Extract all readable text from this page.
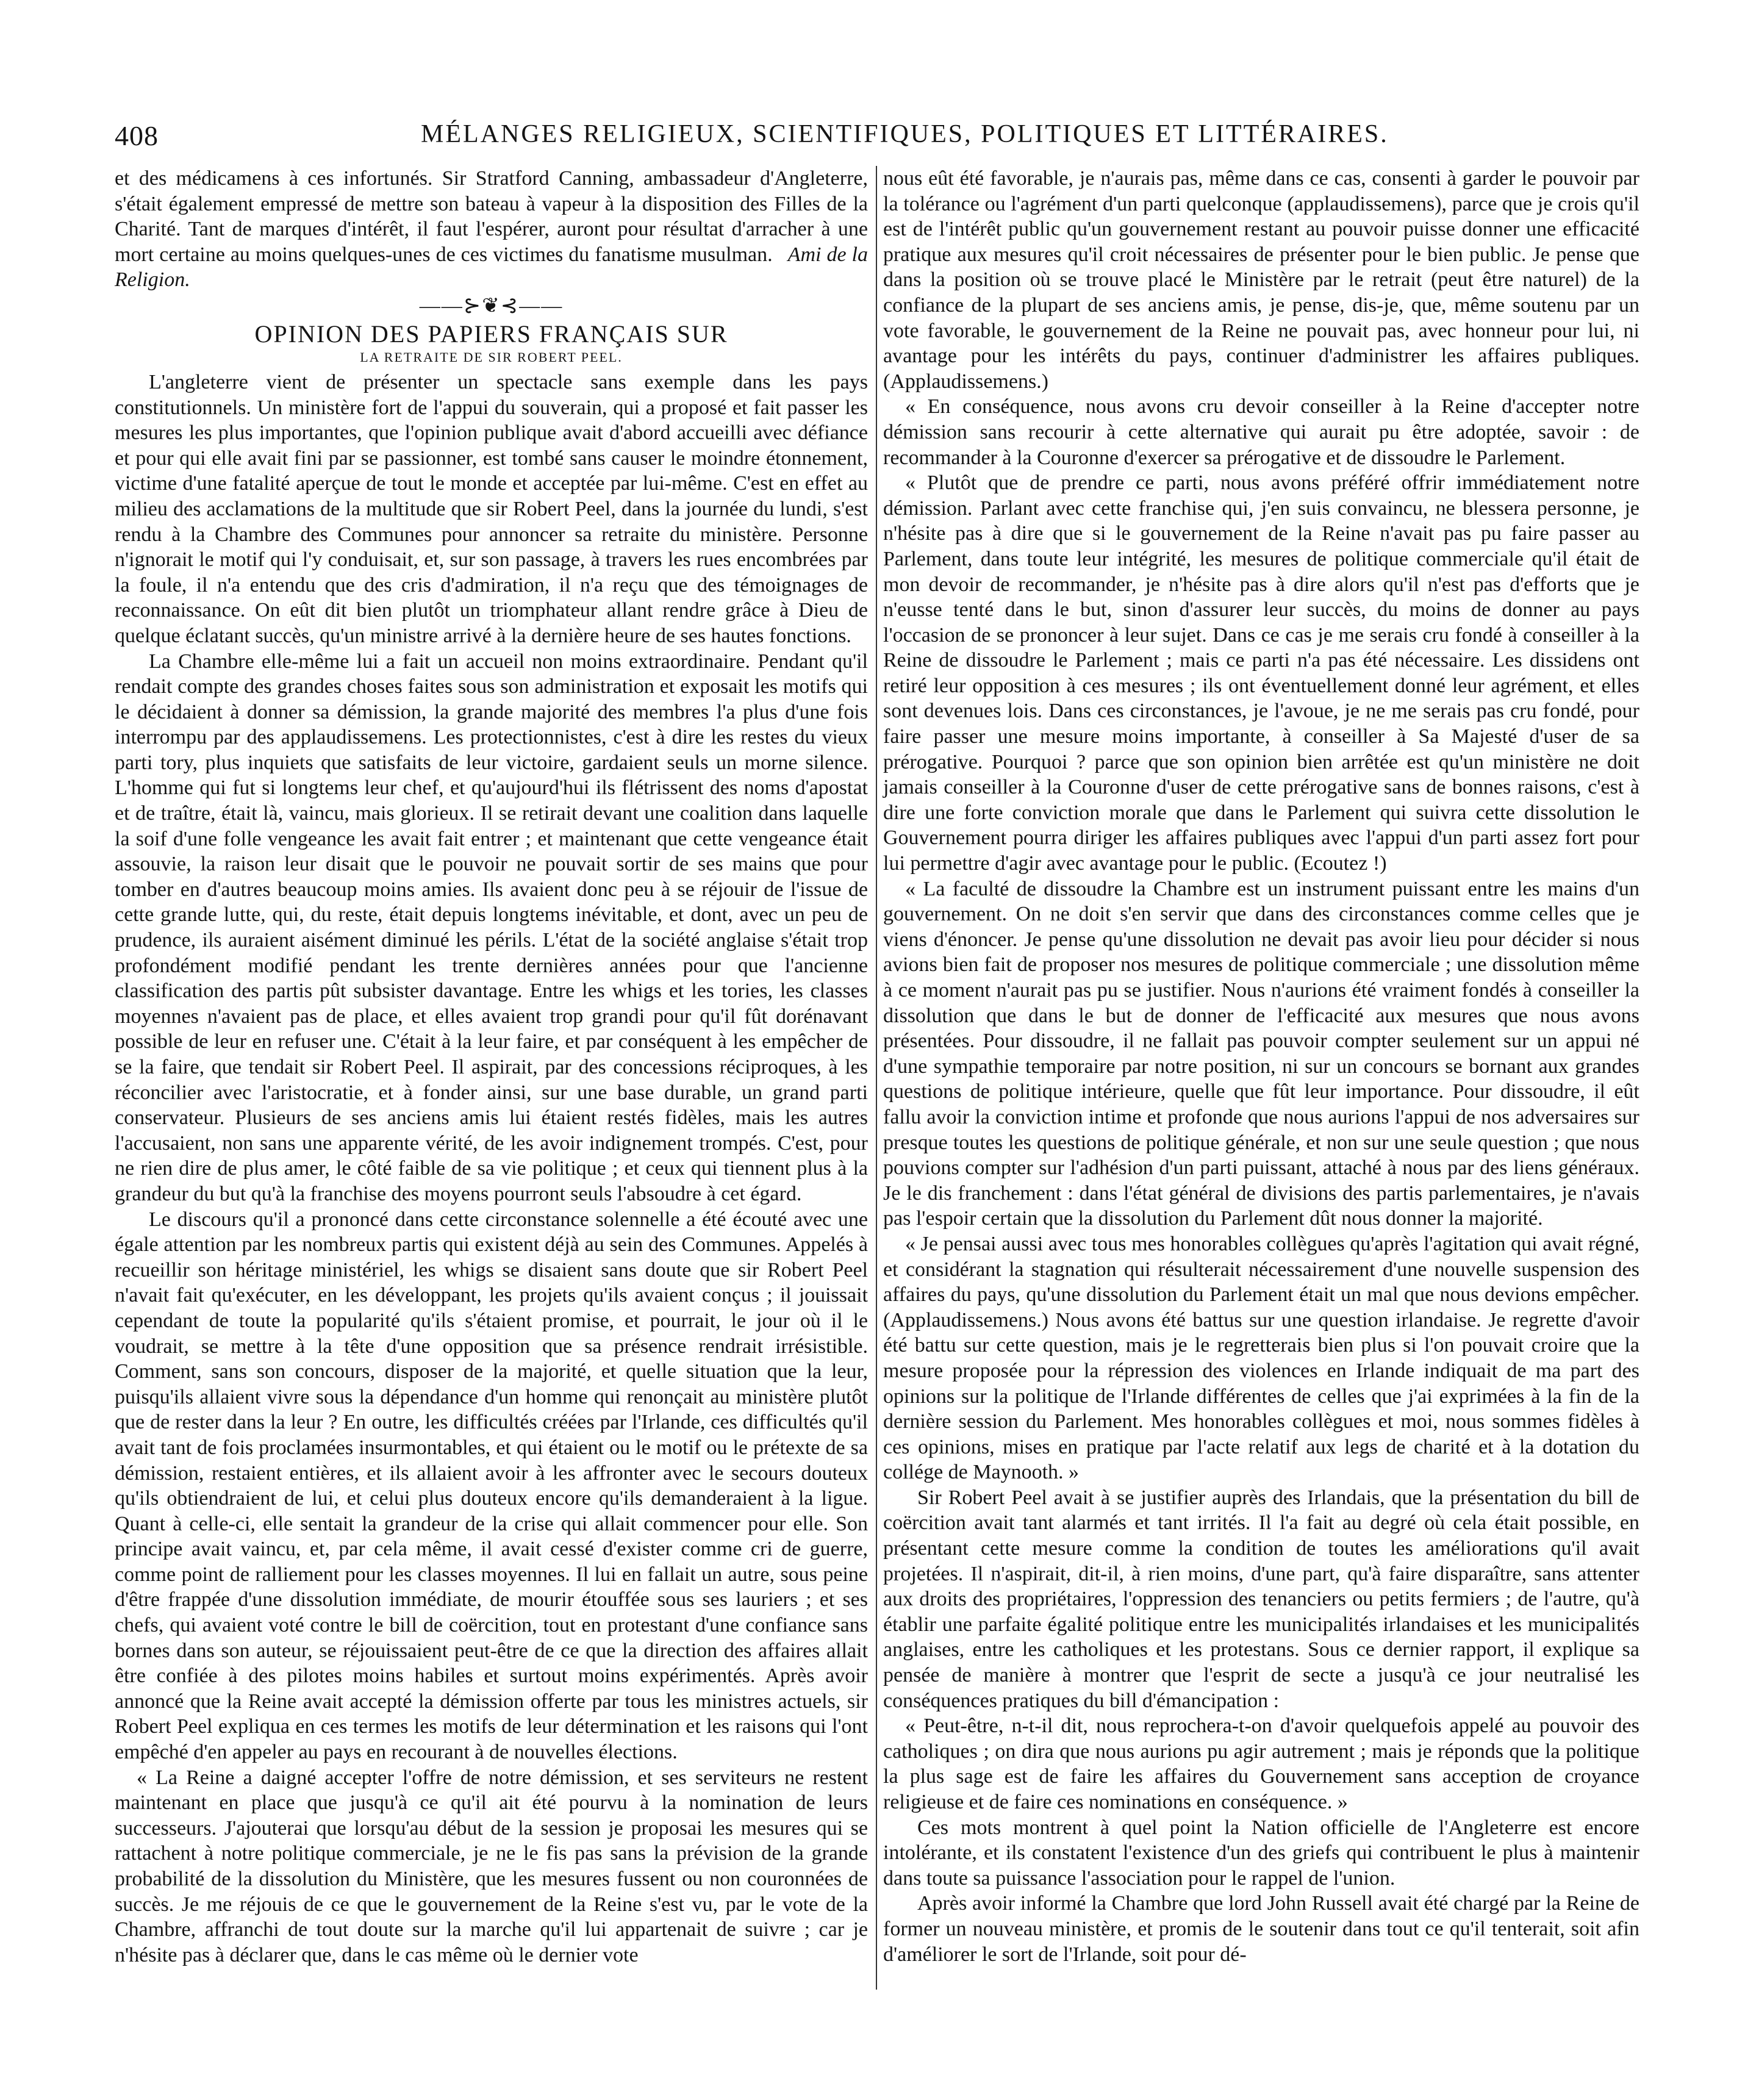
408	MÉLANGES RELIGIEUX, SCIENTIFIQUES, POLITIQUES ET LITTÉRAIRES.

et des médicamens à ces infortunés. Sir Stratford Canning, ambassadeur d'Angleterre, s'était également empressé de mettre son bateau à vapeur à la disposition des Filles de la Charité. Tant de marques d'intérêt, il faut l'espérer, auront pour résultat d'arracher à une mort certaine au moins quelques-unes de ces victimes du fanatisme musulman. Ami de la Religion.

——⊱❦⊰——
OPINION DES PAPIERS FRANÇAIS SUR
LA RETRAITE DE SIR ROBERT PEEL.

L'angleterre vient de présenter un spectacle sans exemple dans les pays constitutionnels. Un ministère fort de l'appui du souverain, qui a proposé et fait passer les mesures les plus importantes, que l'opinion publique avait d'abord accueilli avec défiance et pour qui elle avait fini par se passionner, est tombé sans causer le moindre étonnement, victime d'une fatalité aperçue de tout le monde et acceptée par lui-même. C'est en effet au milieu des acclamations de la multitude que sir Robert Peel, dans la journée du lundi, s'est rendu à la Chambre des Communes pour annoncer sa retraite du ministère. Personne n'ignorait le motif qui l'y conduisait, et, sur son passage, à travers les rues encombrées par la foule, il n'a entendu que des cris d'admiration, il n'a reçu que des témoignages de reconnaissance. On eût dit bien plutôt un triomphateur allant rendre grâce à Dieu de quelque éclatant succès, qu'un ministre arrivé à la dernière heure de ses hautes fonctions.

La Chambre elle-même lui a fait un accueil non moins extraordinaire. Pendant qu'il rendait compte des grandes choses faites sous son administration et exposait les motifs qui le décidaient à donner sa démission, la grande majorité des membres l'a plus d'une fois interrompu par des applaudissemens. Les protectionnistes, c'est à dire les restes du vieux parti tory, plus inquiets que satisfaits de leur victoire, gardaient seuls un morne silence. L'homme qui fut si longtems leur chef, et qu'aujourd'hui ils flétrissent des noms d'apostat et de traître, était là, vaincu, mais glorieux. Il se retirait devant une coalition dans laquelle la soif d'une folle vengeance les avait fait entrer ; et maintenant que cette vengeance était assouvie, la raison leur disait que le pouvoir ne pouvait sortir de ses mains que pour tomber en d'autres beaucoup moins amies. Ils avaient donc peu à se réjouir de l'issue de cette grande lutte, qui, du reste, était depuis longtems inévitable, et dont, avec un peu de prudence, ils auraient aisément diminué les périls. L'état de la société anglaise s'était trop profondément modifié pendant les trente dernières années pour que l'ancienne classification des partis pût subsister davantage. Entre les whigs et les tories, les classes moyennes n'avaient pas de place, et elles avaient trop grandi pour qu'il fût dorénavant possible de leur en refuser une. C'était à la leur faire, et par conséquent à les empêcher de se la faire, que tendait sir Robert Peel. Il aspirait, par des concessions réciproques, à les réconcilier avec l'aristocratie, et à fonder ainsi, sur une base durable, un grand parti conservateur. Plusieurs de ses anciens amis lui étaient restés fidèles, mais les autres l'accusaient, non sans une apparente vérité, de les avoir indignement trompés. C'est, pour ne rien dire de plus amer, le côté faible de sa vie politique ; et ceux qui tiennent plus à la grandeur du but qu'à la franchise des moyens pourront seuls l'absoudre à cet égard.

Le discours qu'il a prononcé dans cette circonstance solennelle a été écouté avec une égale attention par les nombreux partis qui existent déjà au sein des Communes. Appelés à recueillir son héritage ministériel, les whigs se disaient sans doute que sir Robert Peel n'avait fait qu'exécuter, en les développant, les projets qu'ils avaient conçus ; il jouissait cependant de toute la popularité qu'ils s'étaient promise, et pourrait, le jour où il le voudrait, se mettre à la tête d'une opposition que sa présence rendrait irrésistible. Comment, sans son concours, disposer de la majorité, et quelle situation que la leur, puisqu'ils allaient vivre sous la dépendance d'un homme qui renonçait au ministère plutôt que de rester dans la leur ? En outre, les difficultés créées par l'Irlande, ces difficultés qu'il avait tant de fois proclamées insurmontables, et qui étaient ou le motif ou le prétexte de sa démission, restaient entières, et ils allaient avoir à les affronter avec le secours douteux qu'ils obtiendraient de lui, et celui plus douteux encore qu'ils demanderaient à la ligue. Quant à celle-ci, elle sentait la grandeur de la crise qui allait commencer pour elle. Son principe avait vaincu, et, par cela même, il avait cessé d'exister comme cri de guerre, comme point de ralliement pour les classes moyennes. Il lui en fallait un autre, sous peine d'être frappée d'une dissolution immédiate, de mourir étouffée sous ses lauriers ; et ses chefs, qui avaient voté contre le bill de coërcition, tout en protestant d'une confiance sans bornes dans son auteur, se réjouissaient peut-être de ce que la direction des affaires allait être confiée à des pilotes moins habiles et surtout moins expérimentés. Après avoir annoncé que la Reine avait accepté la démission offerte par tous les ministres actuels, sir Robert Peel expliqua en ces termes les motifs de leur détermination et les raisons qui l'ont empêché d'en appeler au pays en recourant à de nouvelles élections.

« La Reine a daigné accepter l'offre de notre démission, et ses serviteurs ne restent maintenant en place que jusqu'à ce qu'il ait été pourvu à la nomination de leurs successeurs. J'ajouterai que lorsqu'au début de la session je proposai les mesures qui se rattachent à notre politique commerciale, je ne le fis pas sans la prévision de la grande probabilité de la dissolution du Ministère, que les mesures fussent ou non couronnées de succès. Je me réjouis de ce que le gouvernement de la Reine s'est vu, par le vote de la Chambre, affranchi de tout doute sur la marche qu'il lui appartenait de suivre ; car je n'hésite pas à déclarer que, dans le cas même où le dernier vote

nous eût été favorable, je n'aurais pas, même dans ce cas, consenti à garder le pouvoir par la tolérance ou l'agrément d'un parti quelconque (applaudissemens), parce que je crois qu'il est de l'intérêt public qu'un gouvernement restant au pouvoir puisse donner une efficacité pratique aux mesures qu'il croit nécessaires de présenter pour le bien public. Je pense que dans la position où se trouve placé le Ministère par le retrait (peut être naturel) de la confiance de la plupart de ses anciens amis, je pense, dis-je, que, même soutenu par un vote favorable, le gouvernement de la Reine ne pouvait pas, avec honneur pour lui, ni avantage pour les intérêts du pays, continuer d'administrer les affaires publiques. (Applaudissemens.)

« En conséquence, nous avons cru devoir conseiller à la Reine d'accepter notre démission sans recourir à cette alternative qui aurait pu être adoptée, savoir : de recommander à la Couronne d'exercer sa prérogative et de dissoudre le Parlement.

« Plutôt que de prendre ce parti, nous avons préféré offrir immédiatement notre démission. Parlant avec cette franchise qui, j'en suis convaincu, ne blessera personne, je n'hésite pas à dire que si le gouvernement de la Reine n'avait pas pu faire passer au Parlement, dans toute leur intégrité, les mesures de politique commerciale qu'il était de mon devoir de recommander, je n'hésite pas à dire alors qu'il n'est pas d'efforts que je n'eusse tenté dans le but, sinon d'assurer leur succès, du moins de donner au pays l'occasion de se prononcer à leur sujet. Dans ce cas je me serais cru fondé à conseiller à la Reine de dissoudre le Parlement ; mais ce parti n'a pas été nécessaire. Les dissidens ont retiré leur opposition à ces mesures ; ils ont éventuellement donné leur agrément, et elles sont devenues lois. Dans ces circonstances, je l'avoue, je ne me serais pas cru fondé, pour faire passer une mesure moins importante, à conseiller à Sa Majesté d'user de sa prérogative. Pourquoi ? parce que son opinion bien arrêtée est qu'un ministère ne doit jamais conseiller à la Couronne d'user de cette prérogative sans de bonnes raisons, c'est à dire une forte conviction morale que dans le Parlement qui suivra cette dissolution le Gouvernement pourra diriger les affaires publiques avec l'appui d'un parti assez fort pour lui permettre d'agir avec avantage pour le public. (Ecoutez !)

« La faculté de dissoudre la Chambre est un instrument puissant entre les mains d'un gouvernement. On ne doit s'en servir que dans des circonstances comme celles que je viens d'énoncer. Je pense qu'une dissolution ne devait pas avoir lieu pour décider si nous avions bien fait de proposer nos mesures de politique commerciale ; une dissolution même à ce moment n'aurait pas pu se justifier. Nous n'aurions été vraiment fondés à conseiller la dissolution que dans le but de donner de l'efficacité aux mesures que nous avons présentées. Pour dissoudre, il ne fallait pas pouvoir compter seulement sur un appui né d'une sympathie temporaire par notre position, ni sur un concours se bornant aux grandes questions de politique intérieure, quelle que fût leur importance. Pour dissoudre, il eût fallu avoir la conviction intime et profonde que nous aurions l'appui de nos adversaires sur presque toutes les questions de politique générale, et non sur une seule question ; que nous pouvions compter sur l'adhésion d'un parti puissant, attaché à nous par des liens généraux. Je le dis franchement : dans l'état général de divisions des partis parlementaires, je n'avais pas l'espoir certain que la dissolution du Parlement dût nous donner la majorité.

« Je pensai aussi avec tous mes honorables collègues qu'après l'agitation qui avait régné, et considérant la stagnation qui résulterait nécessairement d'une nouvelle suspension des affaires du pays, qu'une dissolution du Parlement était un mal que nous devions empêcher. (Applaudissemens.) Nous avons été battus sur une question irlandaise. Je regrette d'avoir été battu sur cette question, mais je le regretterais bien plus si l'on pouvait croire que la mesure proposée pour la répression des violences en Irlande indiquait de ma part des opinions sur la politique de l'Irlande différentes de celles que j'ai exprimées à la fin de la dernière session du Parlement. Mes honorables collègues et moi, nous sommes fidèles à ces opinions, mises en pratique par l'acte relatif aux legs de charité et à la dotation du collége de Maynooth. »

Sir Robert Peel avait à se justifier auprès des Irlandais, que la présentation du bill de coërcition avait tant alarmés et tant irrités. Il l'a fait au degré où cela était possible, en présentant cette mesure comme la condition de toutes les améliorations qu'il avait projetées. Il n'aspirait, dit-il, à rien moins, d'une part, qu'à faire disparaître, sans attenter aux droits des propriétaires, l'oppression des tenanciers ou petits fermiers ; de l'autre, qu'à établir une parfaite égalité politique entre les municipalités irlandaises et les municipalités anglaises, entre les catholiques et les protestans. Sous ce dernier rapport, il explique sa pensée de manière à montrer que l'esprit de secte a jusqu'à ce jour neutralisé les conséquences pratiques du bill d'émancipation :

« Peut-être, n-t-il dit, nous reprochera-t-on d'avoir quelquefois appelé au pouvoir des catholiques ; on dira que nous aurions pu agir autrement ; mais je réponds que la politique la plus sage est de faire les affaires du Gouvernement sans acception de croyance religieuse et de faire ces nominations en conséquence. »

Ces mots montrent à quel point la Nation officielle de l'Angleterre est encore intolérante, et ils constatent l'existence d'un des griefs qui contribuent le plus à maintenir dans toute sa puissance l'association pour le rappel de l'union.

Après avoir informé la Chambre que lord John Russell avait été chargé par la Reine de former un nouveau ministère, et promis de le soutenir dans tout ce qu'il tenterait, soit afin d'améliorer le sort de l'Irlande, soit pour dé-
